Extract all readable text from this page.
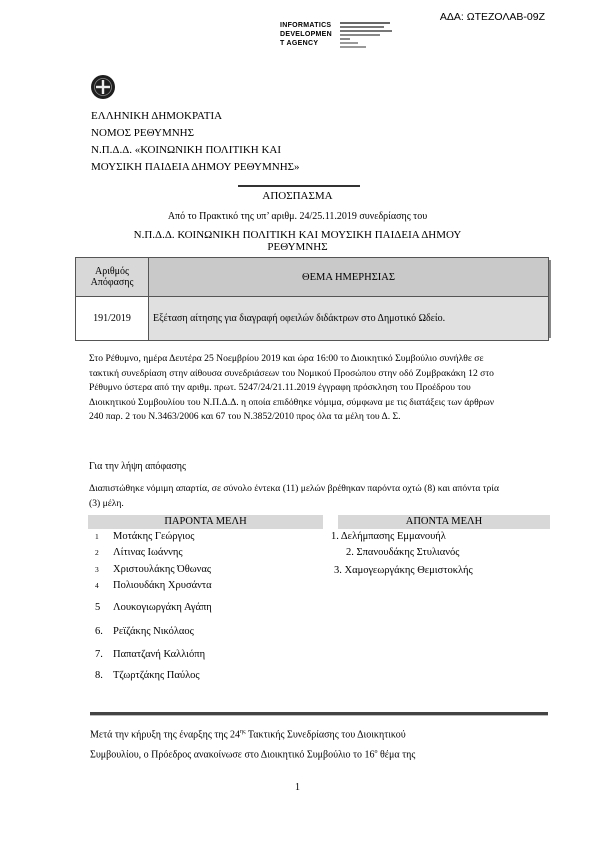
ΑΔΑ: ΩΤΕΖΟΛΑΒ-09Ζ
INFORMATICS
DEVELOPMEN
T AGENCY
ΕΛΛΗΝΙΚΗ ΔΗΜΟΚΡΑΤΙΑ
ΝΟΜΟΣ ΡΕΘΥΜΝΗΣ
Ν.Π.Δ.Δ. «ΚΟΙΝΩΝΙΚΗ ΠΟΛΙΤΙΚΗ ΚΑΙ
ΜΟΥΣΙΚΗ ΠΑΙΔΕΙΑ ΔΗΜΟΥ ΡΕΘΥΜΝΗΣ»
ΑΠΟΣΠΑΣΜΑ
Από το Πρακτικό της υπ’ αριθμ. 24/25.11.2019 συνεδρίασης του
Ν.Π.Δ.Δ. ΚΟΙΝΩΝΙΚΗ ΠΟΛΙΤΙΚΗ ΚΑΙ ΜΟΥΣΙΚΗ ΠΑΙΔΕΙΑ ΔΗΜΟΥ
ΡΕΘΥΜΝΗΣ
Αριθμός
Απόφασης	ΘΕΜΑ ΗΜΕΡΗΣΙΑΣ
191/2019	Εξέταση αίτησης για διαγραφή οφειλών διδάκτρων στο Δημοτικό Ωδείο.
Στο Ρέθυμνο, ημέρα Δευτέρα 25 Νοεμβρίου 2019 και ώρα 16:00 το Διοικητικό Συμβούλιο συνήλθε σε τακτική συνεδρίαση στην αίθουσα συνεδριάσεων του Νομικού Προσώπου στην οδό Ζυμβρακάκη 12 στο Ρέθυμνο ύστερα από την αριθμ. πρωτ. 5247/24/21.11.2019 έγγραφη πρόσκληση του Προέδρου του Διοικητικού Συμβουλίου του Ν.Π.Δ.Δ. η οποία επιδόθηκε νόμιμα, σύμφωνα με τις διατάξεις των άρθρων 240 παρ. 2 του Ν.3463/2006 και 67 του Ν.3852/2010 προς όλα τα μέλη του Δ. Σ.
Για την λήψη απόφασης
Διαπιστώθηκε νόμιμη απαρτία, σε σύνολο έντεκα (11) μελών βρέθηκαν παρόντα οχτώ (8) και απόντα τρία (3) μέλη.
ΠΑΡΟΝΤΑ ΜΕΛΗ	ΑΠΟΝΤΑ ΜΕΛΗ
1 Μοτάκης Γεώργιος
2 Λίτινας Ιωάννης
3 Χριστουλάκης Όθωνας
4 Πολιουδάκη Χρυσάντα
5 Λουκογιωργάκη Αγάπη
6. Ρεϊζάκης Νικόλαος
7. Παπατζανή Καλλιόπη
8. Τζωρτζάκης Παύλος
1. Δελήμπασης Εμμανουήλ
2. Σπανουδάκης Στυλιανός
3. Χαμογεωργάκης Θεμιστοκλής
Μετά την κήρυξη της έναρξης της $24^{\eta\varsigma}$ Τακτικής Συνεδρίασης του Διοικητικού
Συμβουλίου, ο Πρόεδρος ανακοίνωσε στο Διοικητικό Συμβούλιο το $16^o$ θέμα της
1
